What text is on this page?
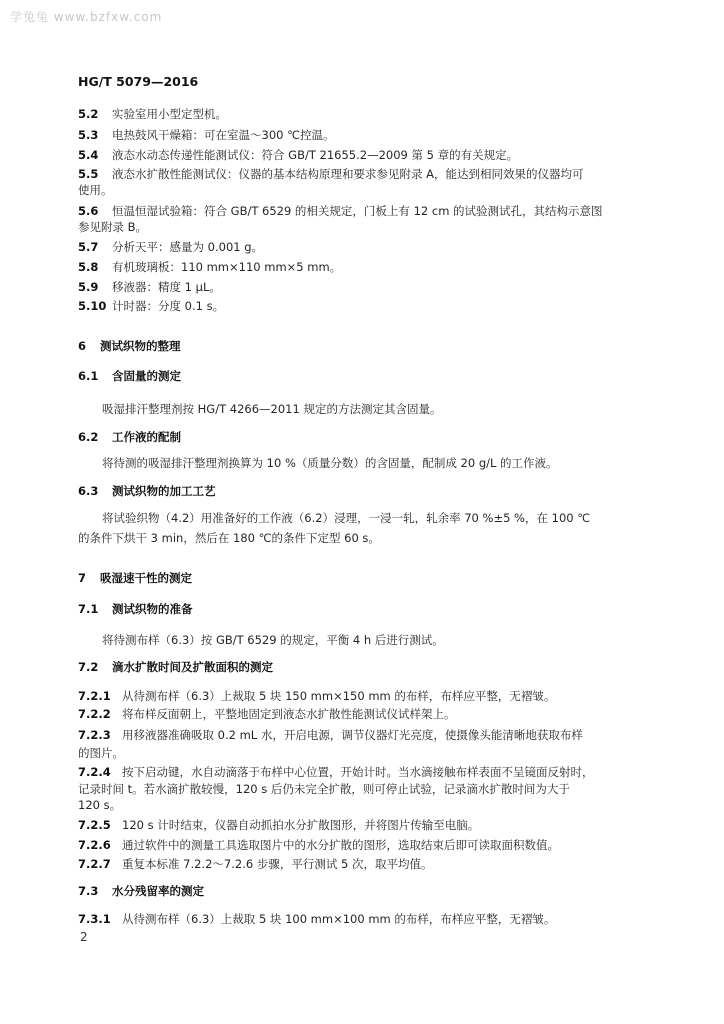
学兔兔 www.bzfxw.com
HG/T 5079—2016
5.2 实验室用小型定型机。
5.3 电热鼓风干燥箱：可在室温～300 ℃控温。
5.4 液态水动态传递性能测试仪：符合 GB/T 21655.2—2009 第 5 章的有关规定。
5.5 液态水扩散性能测试仪：仪器的基本结构原理和要求参见附录 A，能达到相同效果的仪器均可
使用。
5.6 恒温恒湿试验箱：符合 GB/T 6529 的相关规定，门板上有 12 cm 的试验测试孔，其结构示意图
参见附录 B。
5.7 分析天平：感量为 0.001 g。
5.8 有机玻璃板：110 mm×110 mm×5 mm。
5.9 移液器：精度 1 μL。
5.10 计时器：分度 0.1 s。
6 测试织物的整理
6.1 含固量的测定
吸湿排汗整理剂按 HG/T 4266—2011 规定的方法测定其含固量。
6.2 工作液的配制
将待测的吸湿排汗整理剂换算为 10 %（质量分数）的含固量，配制成 20 g/L 的工作液。
6.3 测试织物的加工工艺
将试验织物（4.2）用准备好的工作液（6.2）浸理，一浸一轧，轧余率 70 %±5 %，在 100 ℃
的条件下烘干 3 min，然后在 180 ℃的条件下定型 60 s。
7 吸湿速干性的测定
7.1 测试织物的准备
将待测布样（6.3）按 GB/T 6529 的规定，平衡 4 h 后进行测试。
7.2 滴水扩散时间及扩散面积的测定
7.2.1 从待测布样（6.3）上裁取 5 块 150 mm×150 mm 的布样，布样应平整，无褶皱。
7.2.2 将布样反面朝上，平整地固定到液态水扩散性能测试仪试样架上。
7.2.3 用移液器准确吸取 0.2 mL 水，开启电源，调节仪器灯光亮度，使摄像头能清晰地获取布样
的图片。
7.2.4 按下启动键，水自动滴落于布样中心位置，开始计时。当水滴接触布样表面不呈镜面反射时，
记录时间 t。若水滴扩散较慢，120 s 后仍未完全扩散，则可停止试验，记录滴水扩散时间为大于
120 s。
7.2.5 120 s 计时结束，仪器自动抓拍水分扩散图形，并将图片传输至电脑。
7.2.6 通过软件中的测量工具选取图片中的水分扩散的图形，选取结束后即可读取面积数值。
7.2.7 重复本标准 7.2.2～7.2.6 步骤，平行测试 5 次，取平均值。
7.3 水分残留率的测定
7.3.1 从待测布样（6.3）上裁取 5 块 100 mm×100 mm 的布样，布样应平整，无褶皱。
2
